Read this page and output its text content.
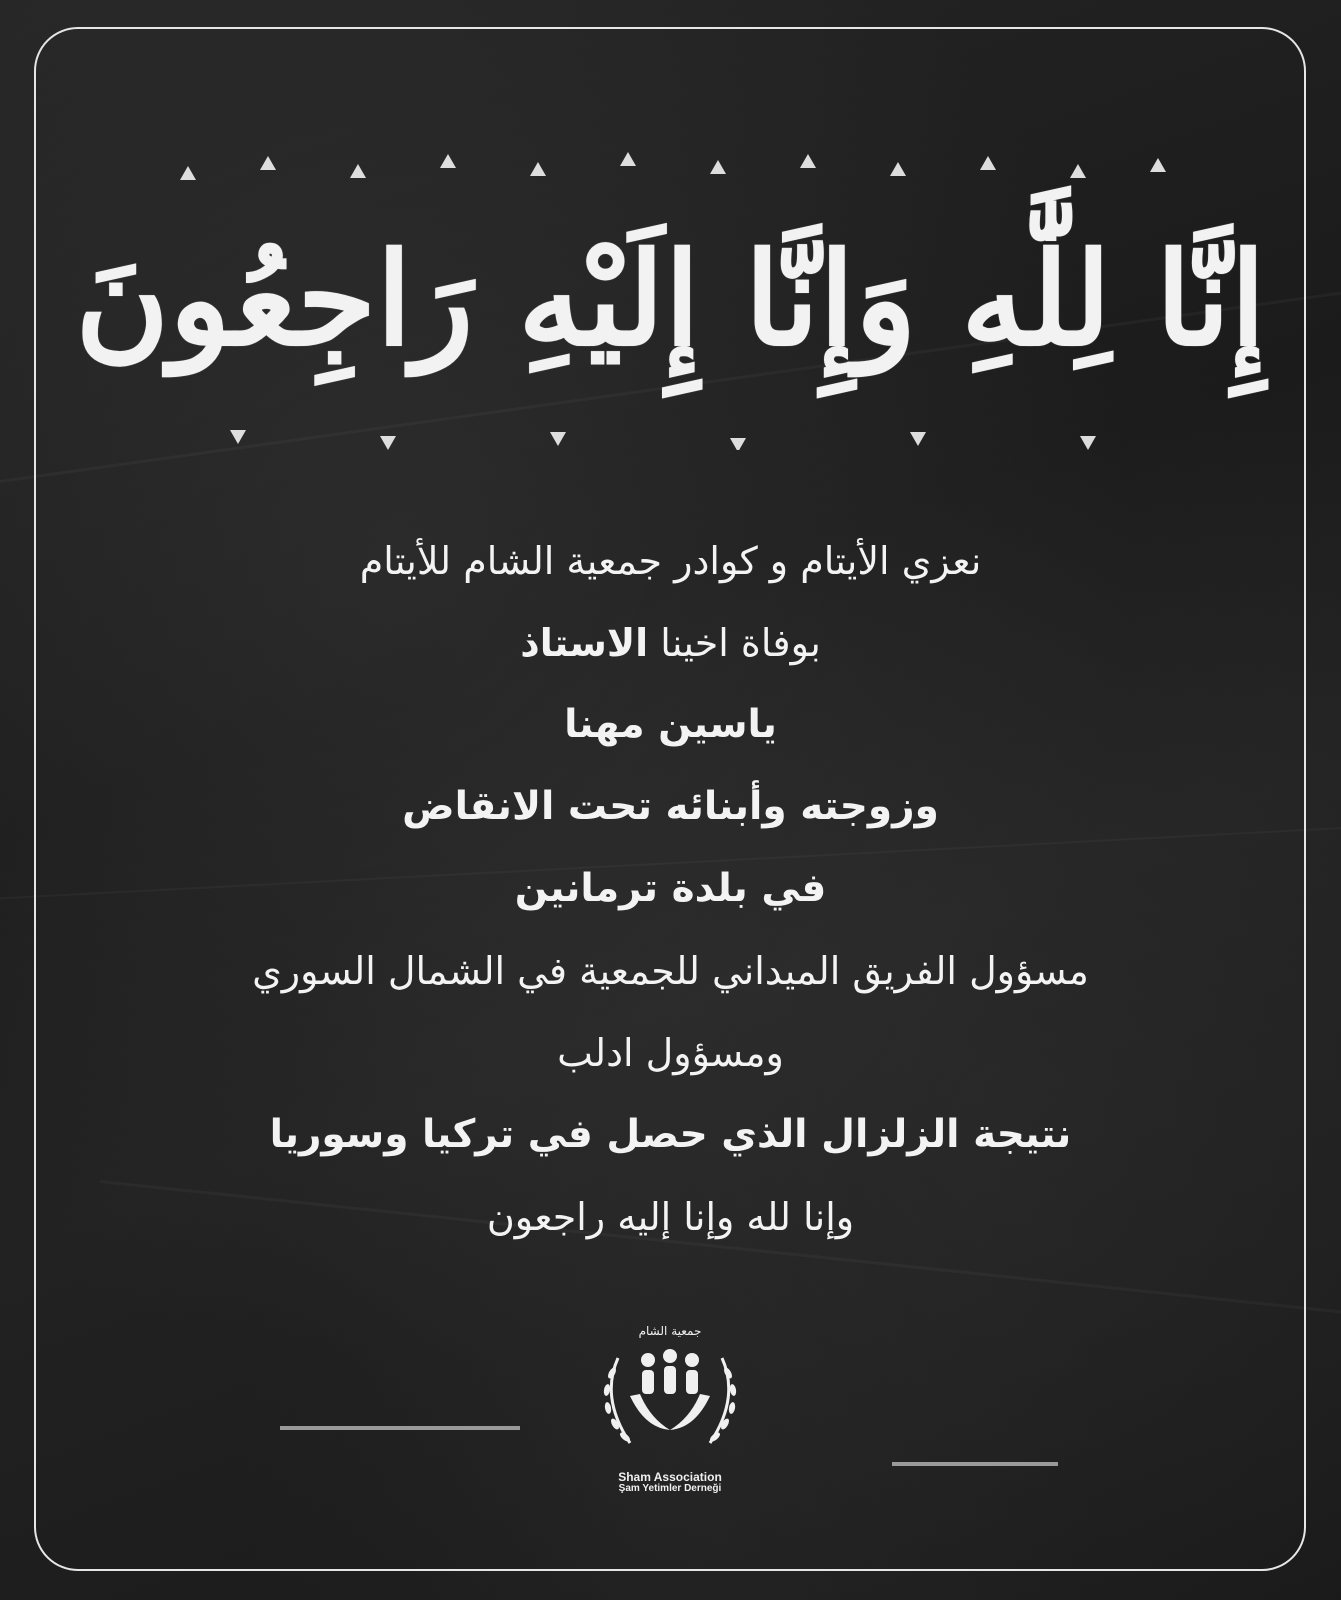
إِنَّا لِلَّٰهِ وَإِنَّا إِلَيْهِ رَاجِعُونَ
نعزي الأيتام و كوادر جمعية الشام للأيتام
بوفاة اخينا الاستاذ
ياسين مهنا
وزوجته وأبنائه تحت الانقاض
في بلدة ترمانين
مسؤول الفريق الميداني للجمعية في الشمال السوري
ومسؤول ادلب
نتيجة الزلزال الذي حصل في تركيا وسوريا
وإنا لله وإنا إليه راجعون
جمعية الشام
Sham Association
Şam Yetimler Derneği
